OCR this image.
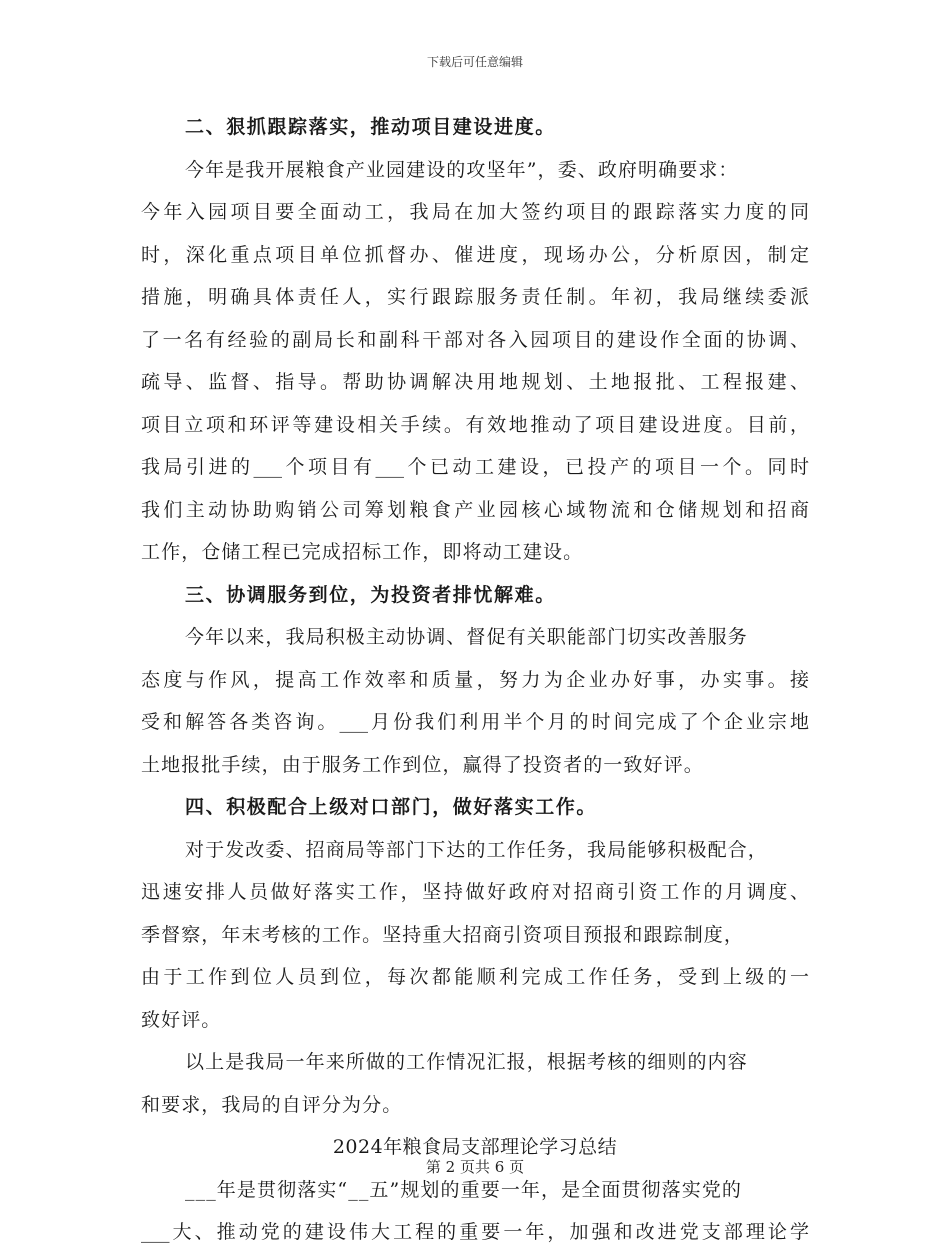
下载后可任意编辑
二、狠抓跟踪落实，推动项目建设进度。
今年是我开展粮食产业园建设的攻坚年”，委、政府明确要求：
今年入园项目要全面动工，我局在加大签约项目的跟踪落实力度的同
时，深化重点项目单位抓督办、催进度，现场办公，分析原因，制定
措施，明确具体责任人，实行跟踪服务责任制。年初，我局继续委派
了一名有经验的副局长和副科干部对各入园项目的建设作全面的协调、
疏导、监督、指导。帮助协调解决用地规划、土地报批、工程报建、
项目立项和环评等建设相关手续。有效地推动了项目建设进度。目前，
我局引进的___个项目有___个已动工建设，已投产的项目一个。同时
我们主动协助购销公司筹划粮食产业园核心域物流和仓储规划和招商
工作，仓储工程已完成招标工作，即将动工建设。
三、协调服务到位，为投资者排忧解难。
今年以来，我局积极主动协调、督促有关职能部门切实改善服务
态度与作风，提高工作效率和质量，努力为企业办好事，办实事。接
受和解答各类咨询。___月份我们利用半个月的时间完成了个企业宗地
土地报批手续，由于服务工作到位，赢得了投资者的一致好评。
四、积极配合上级对口部门，做好落实工作。
对于发改委、招商局等部门下达的工作任务，我局能够积极配合，
迅速安排人员做好落实工作，坚持做好政府对招商引资工作的月调度、
季督察，年末考核的工作。坚持重大招商引资项目预报和跟踪制度，
由于工作到位人员到位，每次都能顺利完成工作任务，受到上级的一
致好评。
以上是我局一年来所做的工作情况汇报，根据考核的细则的内容
和要求，我局的自评分为分。
2024年粮食局支部理论学习总结
___年是贯彻落实“__五”规划的重要一年，是全面贯彻落实党的
___大、推动党的建设伟大工程的重要一年，加强和改进党支部理论学
第 2 页共 6 页
